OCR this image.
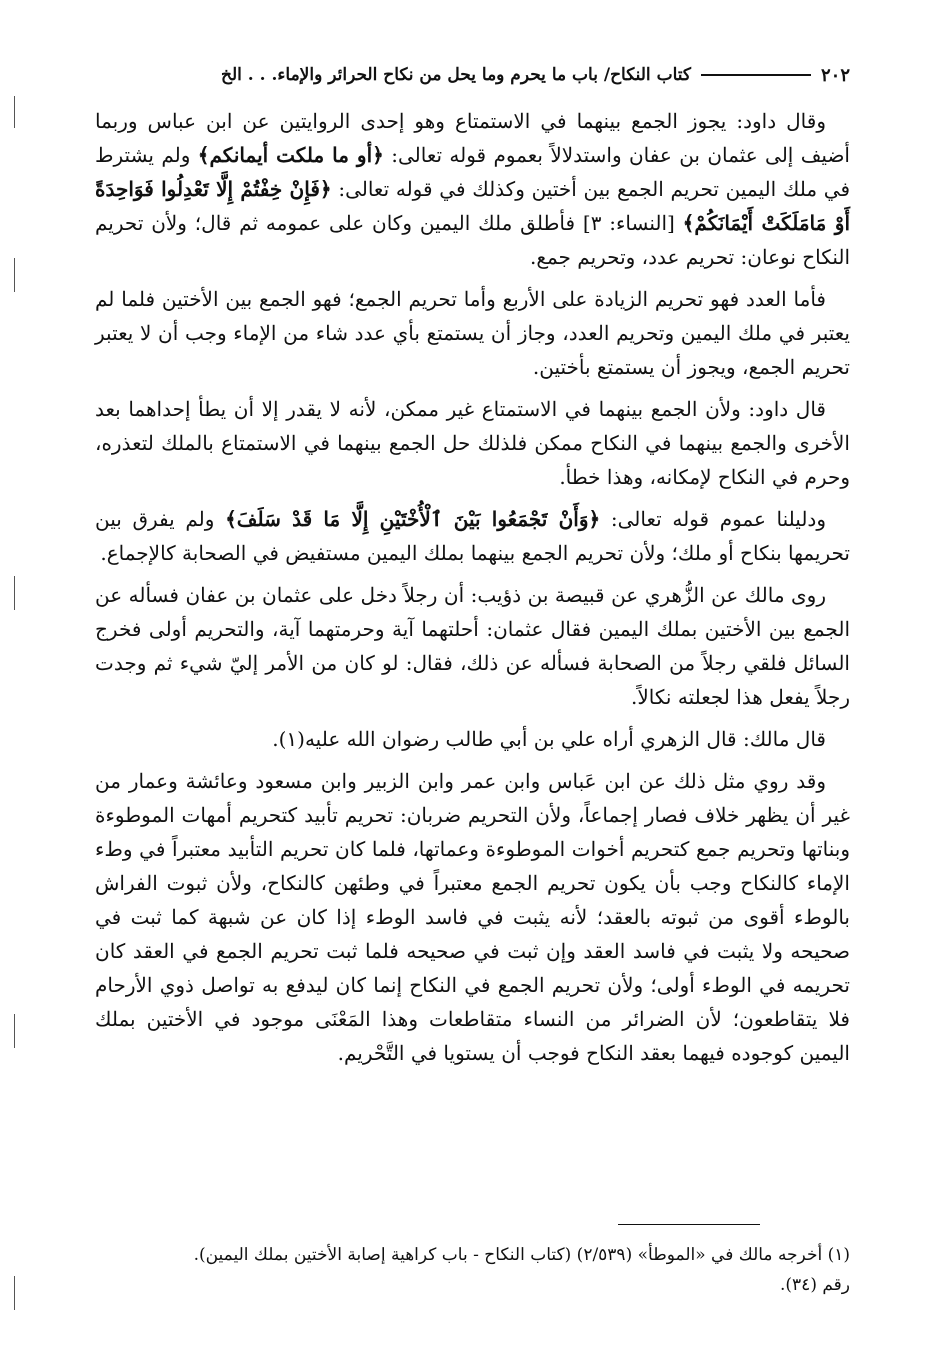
٢٠٢
كتاب النكاح/ باب ما يحرم وما يحل من نكاح الحرائر والإماء. . . الخ

وقال داود: يجوز الجمع بينهما في الاستمتاع وهو إحدى الروايتين عن ابن عباس وربما أضيف إلى عثمان بن عفان واستدلالاً بعموم قوله تعالى: ﴿أو ما ملكت أيمانكم﴾ ولم يشترط في ملك اليمين تحريم الجمع بين أختين وكذلك في قوله تعالى: ﴿فَإِنْ خِفْتُمْ إِلَّا تَعْدِلُوا فَوَاحِدَةً أَوْ مَامَلَكَتْ أَيْمَانَكُمْ﴾ [النساء: ٣] فأطلق ملك اليمين وكان على عمومه ثم قال؛ ولأن تحريم النكاح نوعان: تحريم عدد، وتحريم جمع.

فأما العدد فهو تحريم الزيادة على الأربع وأما تحريم الجمع؛ فهو الجمع بين الأختين فلما لم يعتبر في ملك اليمين وتحريم العدد، وجاز أن يستمتع بأي عدد شاء من الإماء وجب أن لا يعتبر تحريم الجمع، ويجوز أن يستمتع بأختين.

قال داود: ولأن الجمع بينهما في الاستمتاع غير ممكن، لأنه لا يقدر إلا أن يطأ إحداهما بعد الأخرى والجمع بينهما في النكاح ممكن فلذلك حل الجمع بينهما في الاستمتاع بالملك لتعذره، وحرم في النكاح لإمكانه، وهذا خطأ.

ودليلنا عموم قوله تعالى: ﴿وَأَنْ تَجْمَعُوا بَيْنَ ٱلْأُخْتَيْنِ إِلَّا مَا قَدْ سَلَفَ﴾ ولم يفرق بين تحريمها بنكاح أو ملك؛ ولأن تحريم الجمع بينهما بملك اليمين مستفيض في الصحابة كالإجماع.

روى مالك عن الزُّهري عن قبيصة بن ذؤيب: أن رجلاً دخل على عثمان بن عفان فسأله عن الجمع بين الأختين بملك اليمين فقال عثمان: أحلتهما آية وحرمتهما آية، والتحريم أولى فخرج السائل فلقي رجلاً من الصحابة فسأله عن ذلك، فقال: لو كان من الأمر إليّ شيء ثم وجدت رجلاً يفعل هذا لجعلته نكالاً.

قال مالك: قال الزهري أراه علي بن أبي طالب رضوان الله عليه(١).

وقد روي مثل ذلك عن ابن عَباس وابن عمر وابن الزبير وابن مسعود وعائشة وعمار من غير أن يظهر خلاف فصار إجماعاً، ولأن التحريم ضربان: تحريم تأبيد كتحريم أمهات الموطوءة وبناتها وتحريم جمع كتحريم أخوات الموطوءة وعماتها، فلما كان تحريم التأبيد معتبراً في وطء الإماء كالنكاح وجب بأن يكون تحريم الجمع معتبراً في وطئهن كالنكاح، ولأن ثبوت الفراش بالوطء أقوى من ثبوته بالعقد؛ لأنه يثبت في فاسد الوطء إذا كان عن شبهة كما ثبت في صحيحه ولا يثبت في فاسد العقد وإن ثبت في صحيحه فلما ثبت تحريم الجمع في العقد كان تحريمه في الوطء أولى؛ ولأن تحريم الجمع في النكاح إنما كان ليدفع به تواصل ذوي الأرحام فلا يتقاطعون؛ لأن الضرائر من النساء متقاطعات وهذا المَعْنَى موجود في الأختين بملك اليمين كوجوده فيهما بعقد النكاح فوجب أن يستويا في التَّحْريم.

(١) أخرجه مالك في «الموطأ» (٢/٥٣٩) (كتاب النكاح - باب كراهية إصابة الأختين بملك اليمين).

رقم (٣٤).
